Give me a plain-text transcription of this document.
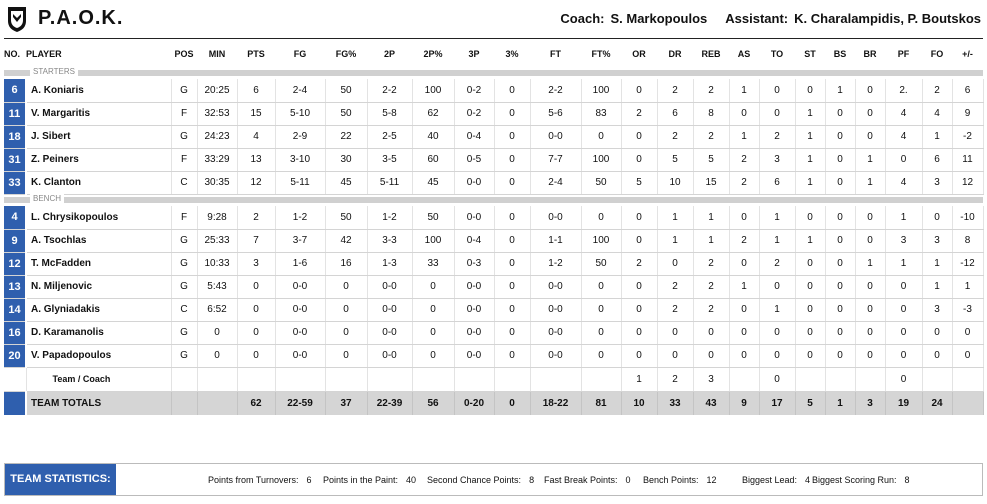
P.A.O.K.	Coach: S. Markopoulos Assistant: K. Charalampidis, P. Boutskos
NO.	PLAYER	POS	MIN	PTS	FG	FG%	2P	2P%	3P	3%	FT	FT%	OR	DR	REB	AS	TO	ST	BS	BR	PF	FO	+/-

STARTERS																							

6	A. Koniaris	G	20:25	6	2-4	50	2-2	100	0-2	0	2-2	100	0	2	2	1	0	0	1	0	2.	2	6
11	V. Margaritis	F	32:53	15	5-10	50	5-8	62	0-2	0	5-6	83	2	6	8	0	0	1	0	0	4	4	9
18	J. Sibert	G	24:23	4	2-9	22	2-5	40	0-4	0	0-0	0	0	2	2	1	2	1	0	0	4	1	-2
31	Z. Peiners	F	33:29	13	3-10	30	3-5	60	0-5	0	7-7	100	0	5	5	2	3	1	0	1	0	6	11
33	K. Clanton	C	30:35	12	5-11	45	5-11	45	0-0	0	2-4	50	5	10	15	2	6	1	0	1	4	3	12

BENCH																							

4	L. Chrysikopoulos	F	9:28	2	1-2	50	1-2	50	0-0	0	0-0	0	0	1	1	0	1	0	0	0	1	0	-10
9	A. Tsochlas	G	25:33	7	3-7	42	3-3	100	0-4	0	1-1	100	0	1	1	2	1	1	0	0	3	3	8
12	T. McFadden	G	10:33	3	1-6	16	1-3	33	0-3	0	1-2	50	2	0	2	0	2	0	0	1	1	1	-12
13	N. Miljenovic	G	5:43	0	0-0	0	0-0	0	0-0	0	0-0	0	0	2	2	1	0	0	0	0	0	1	1
14	A. Glyniadakis	C	6:52	0	0-0	0	0-0	0	0-0	0	0-0	0	0	2	2	0	1	0	0	0	0	3	-3
16	D. Karamanolis	G	0	0	0-0	0	0-0	0	0-0	0	0-0	0	0	0	0	0	0	0	0	0	0	0	0
20	V. Papadopoulos	G	0	0	0-0	0	0-0	0	0-0	0	0-0	0	0	0	0	0	0	0	0	0	0	0	0
	Team / Coach												1	2	3		0				0		
	TEAM TOTALS			62	22-59	37	22-39	56	0-20	0	18-22	81	10	33	43	9	17	5	1	3	19	24	
TEAM STATISTICS:	Points from Turnovers: 6 Points in the Paint: 40 Second Chance Points: 8 Fast Break Points: 0 Bench Points: 12	Biggest Lead: 4 Biggest Scoring Run: 8
